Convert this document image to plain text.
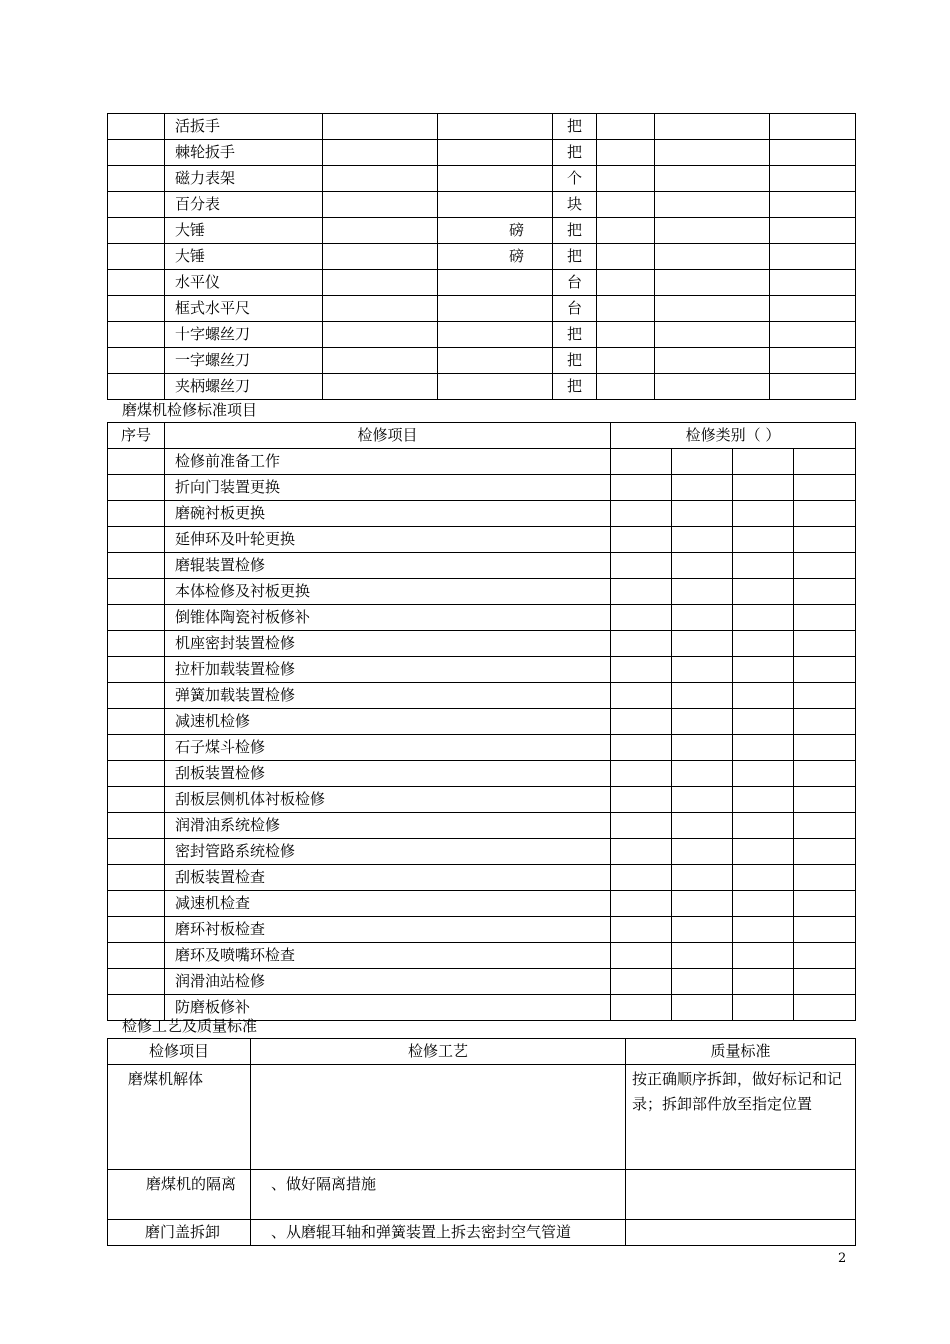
	活扳手			把			
	棘轮扳手			把			
	磁力表架			个			
	百分表			块			
	大锤		磅	把			
	大锤		磅	把			
	水平仪			台			
	框式水平尺			台			
	十字螺丝刀			把			
	一字螺丝刀			把			
	夹柄螺丝刀			把			
磨煤机检修标准项目
序号	检修项目	检修类别（ ）			
	检修前准备工作				
	折向门装置更换				
	磨碗衬板更换				
	延伸环及叶轮更换				
	磨辊装置检修				
	本体检修及衬板更换				
	倒锥体陶瓷衬板修补				
	机座密封装置检修				
	拉杆加载装置检修				
	弹簧加载装置检修				
	减速机检修				
	石子煤斗检修				
	刮板装置检修				
	刮板层侧机体衬板检修				
	润滑油系统检修				
	密封管路系统检修				
	刮板装置检查				
	减速机检查				
	磨环衬板检查				
	磨环及喷嘴环检查				
	润滑油站检修				
	防磨板修补				
检修工艺及质量标准
检修项目	检修工艺	质量标准
磨煤机解体		按正确顺序拆卸，做好标记和记录；拆卸部件放至指定位置
磨煤机的隔离	、做好隔离措施	
磨门盖拆卸	、从磨辊耳轴和弹簧装置上拆去密封空气管道	
2
